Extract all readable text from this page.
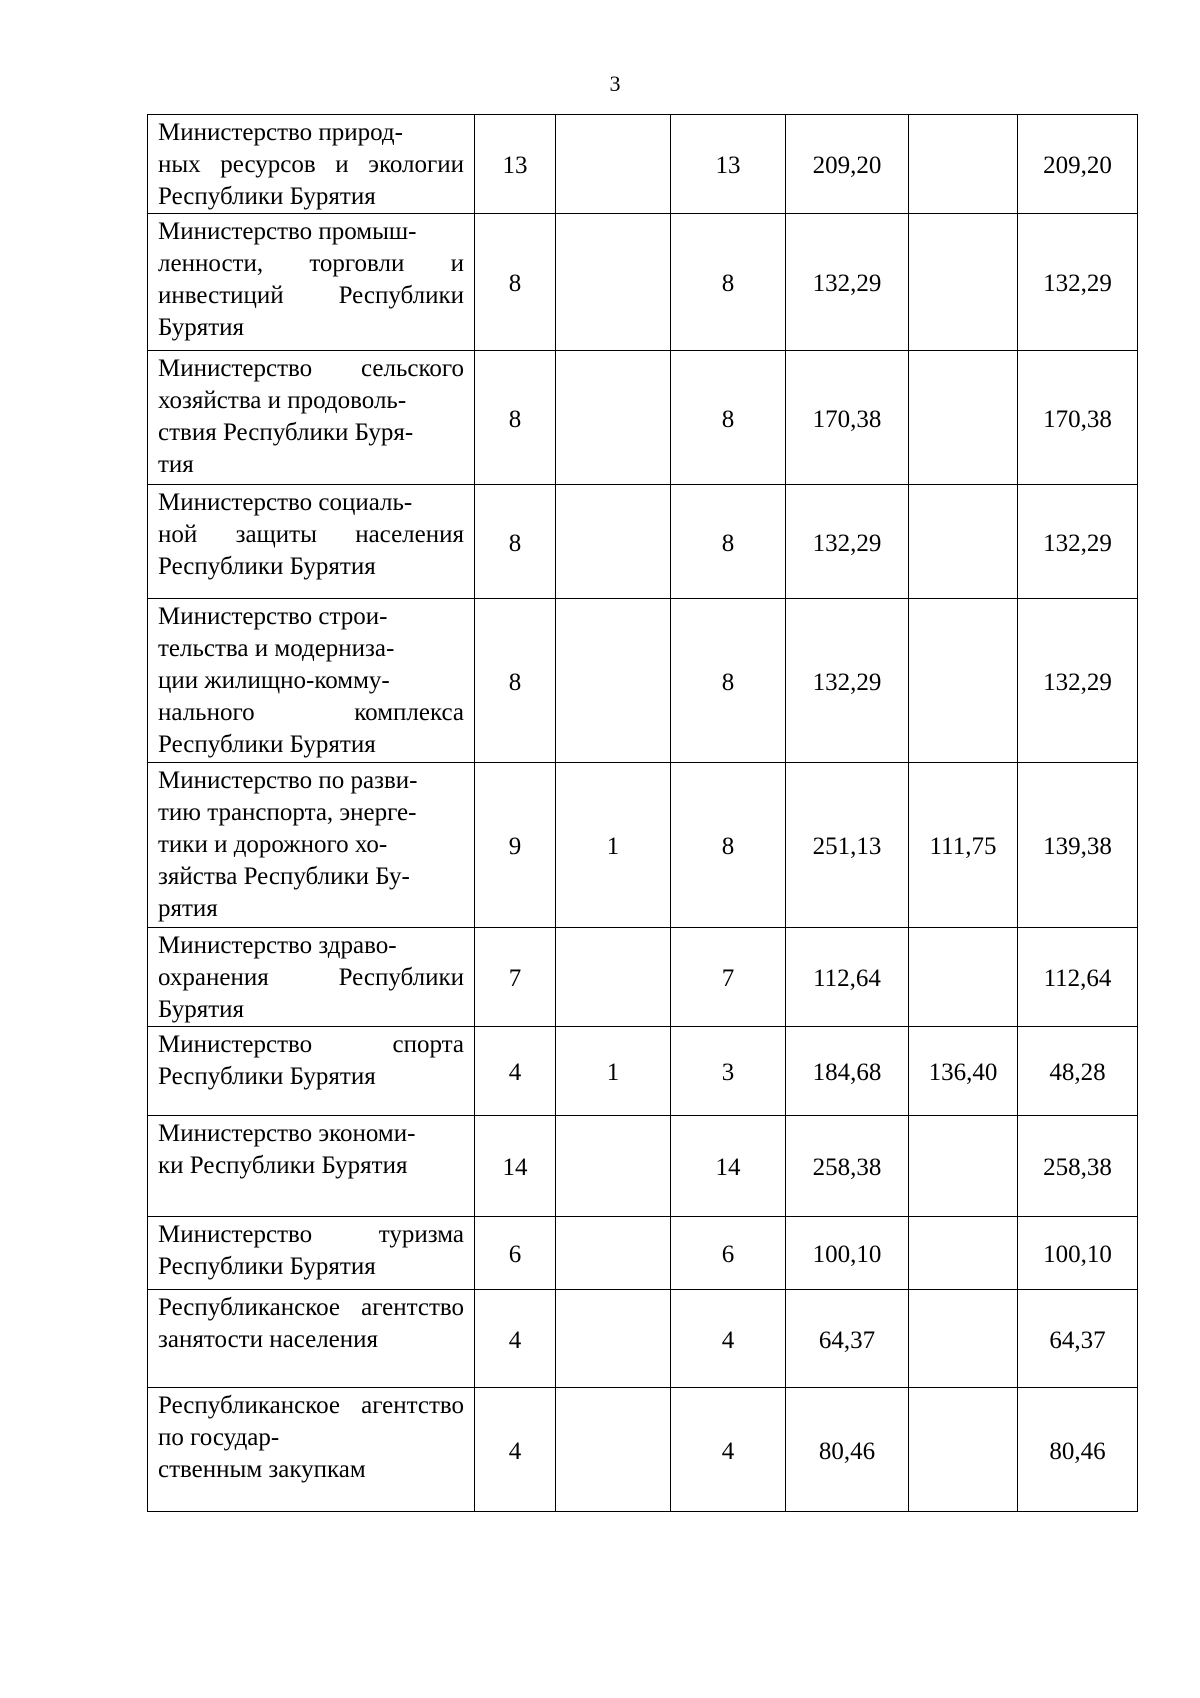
3
Министерство природ-
ных ресурсов и экологии Республики Бурятия	13		13	209,20		209,20
Министерство промыш-
ленности, торговли и инвестиций Республики Бурятия	8		8	132,29		132,29
Министерство сельского хозяйства и продоволь-
ствия Республики Буря-
тия	8		8	170,38		170,38
Министерство социаль-
ной защиты населения Республики Бурятия	8		8	132,29		132,29
Министерство строи-
тельства и модерниза-
ции жилищно-комму-
нального комплекса Республики Бурятия	8		8	132,29		132,29
Министерство по разви-
тию транспорта, энерге-
тики и дорожного хо-
зяйства Республики Бу-
рятия	9	1	8	251,13	111,75	139,38
Министерство здраво-
охранения Республики Бурятия	7		7	112,64		112,64
Министерство спорта Республики Бурятия	4	1	3	184,68	136,40	48,28
Министерство экономи-
ки Республики Бурятия	14		14	258,38		258,38
Министерство туризма Республики Бурятия	6		6	100,10		100,10
Республиканское агентство занятости населения	4		4	64,37		64,37
Республиканское агентство по государ-
ственным закупкам	4		4	80,46		80,46
